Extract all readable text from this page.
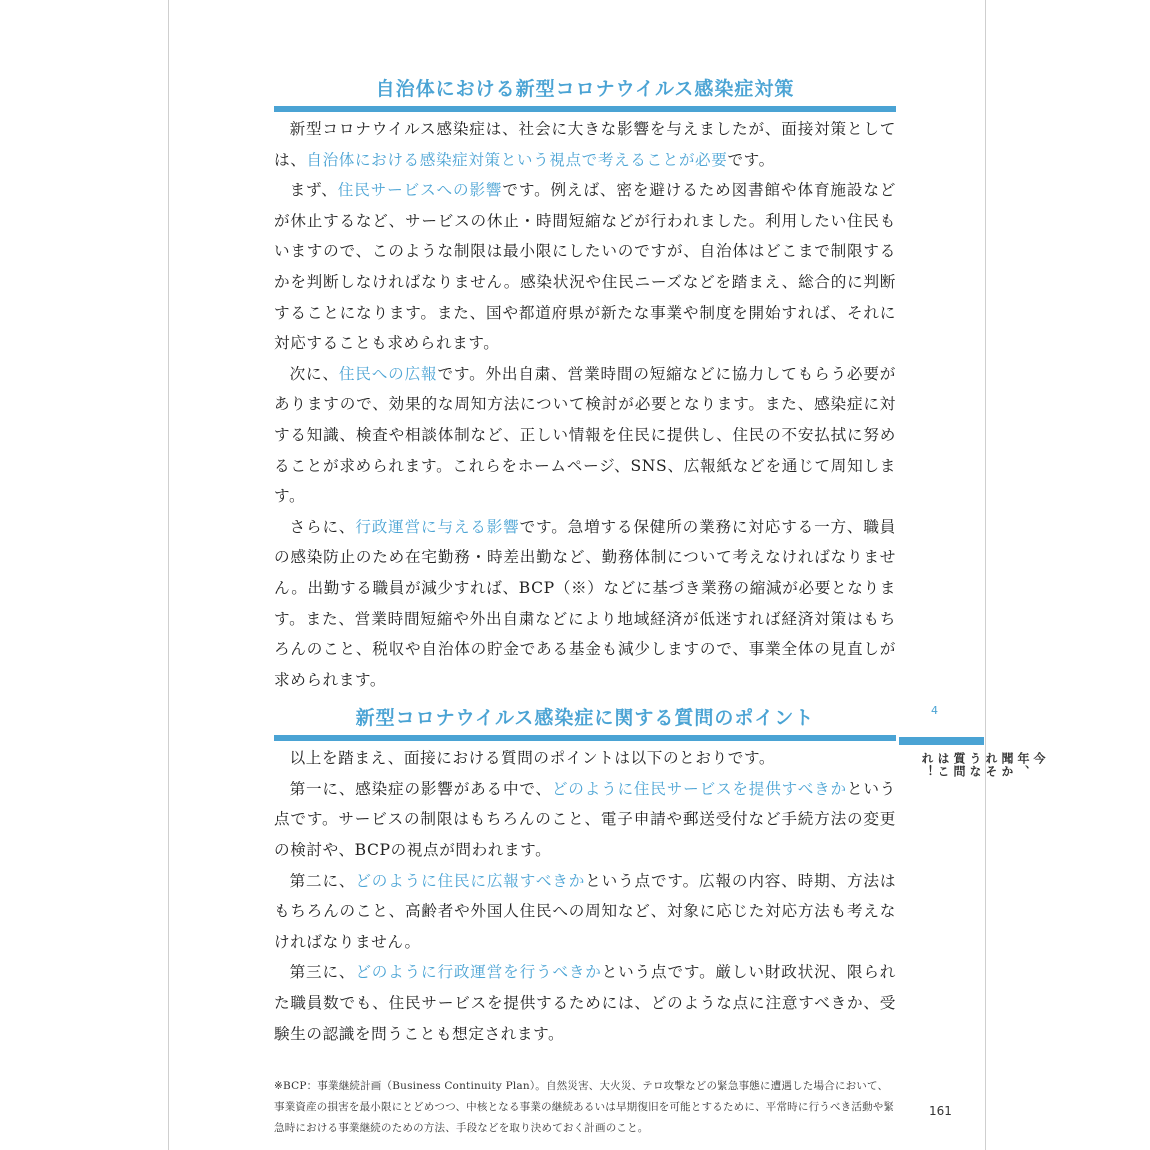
自治体における新型コロナウイルス感染症対策

新型コロナウイルス感染症は、社会に大きな影響を与えましたが、面接対策としては、自治体における感染症対策という視点で考えることが必要です。

まず、住民サービスへの影響です。例えば、密を避けるため図書館や体育施設などが休止するなど、サービスの休止・時間短縮などが行われました。利用したい住民もいますので、このような制限は最小限にしたいのですが、自治体はどこまで制限するかを判断しなければなりません。感染状況や住民ニーズなどを踏まえ、総合的に判断することになります。また、国や都道府県が新たな事業や制度を開始すれば、それに対応することも求められます。

次に、住民への広報です。外出自粛、営業時間の短縮などに協力してもらう必要がありますので、効果的な周知方法について検討が必要となります。また、感染症に対する知識、検査や相談体制など、正しい情報を住民に提供し、住民の不安払拭に努めることが求められます。これらをホームページ、SNS、広報紙などを通じて周知します。

さらに、行政運営に与える影響です。急増する保健所の業務に対応する一方、職員の感染防止のため在宅勤務・時差出勤など、勤務体制について考えなければなりません。出勤する職員が減少すれば、BCP（※）などに基づき業務の縮減が必要となります。また、営業時間短縮や外出自粛などにより地域経済が低迷すれば経済対策はもちろんのこと、税収や自治体の貯金である基金も減少しますので、事業全体の見直しが求められます。

新型コロナウイルス感染症に関する質問のポイント

以上を踏まえ、面接における質問のポイントは以下のとおりです。

第一に、感染症の影響がある中で、どのように住民サービスを提供すべきかという点です。サービスの制限はもちろんのこと、電子申請や郵送受付など手続方法の変更の検討や、BCPの視点が問われます。

第二に、どのように住民に広報すべきかという点です。広報の内容、時期、方法はもちろんのこと、高齢者や外国人住民への周知など、対象に応じた対応方法も考えなければなりません。

第三に、どのように行政運営を行うべきかという点です。厳しい財政状況、限られた職員数でも、住民サービスを提供するためには、どのような点に注意すべきか、受験生の認識を問うことも想定されます。

※BCP：事業継続計画（Business Continuity Plan）。自然災害、大火災、テロ攻撃などの緊急事態に遭遇した場合において、事業資産の損害を最小限にとどめつつ、中核となる事業の継続あるいは早期復旧を可能とするために、平常時に行うべき活動や緊急時における事業継続のための方法、手段などを取り決めておく計画のこと。
4
今年、聞かれそうな質問はこれ！
161
